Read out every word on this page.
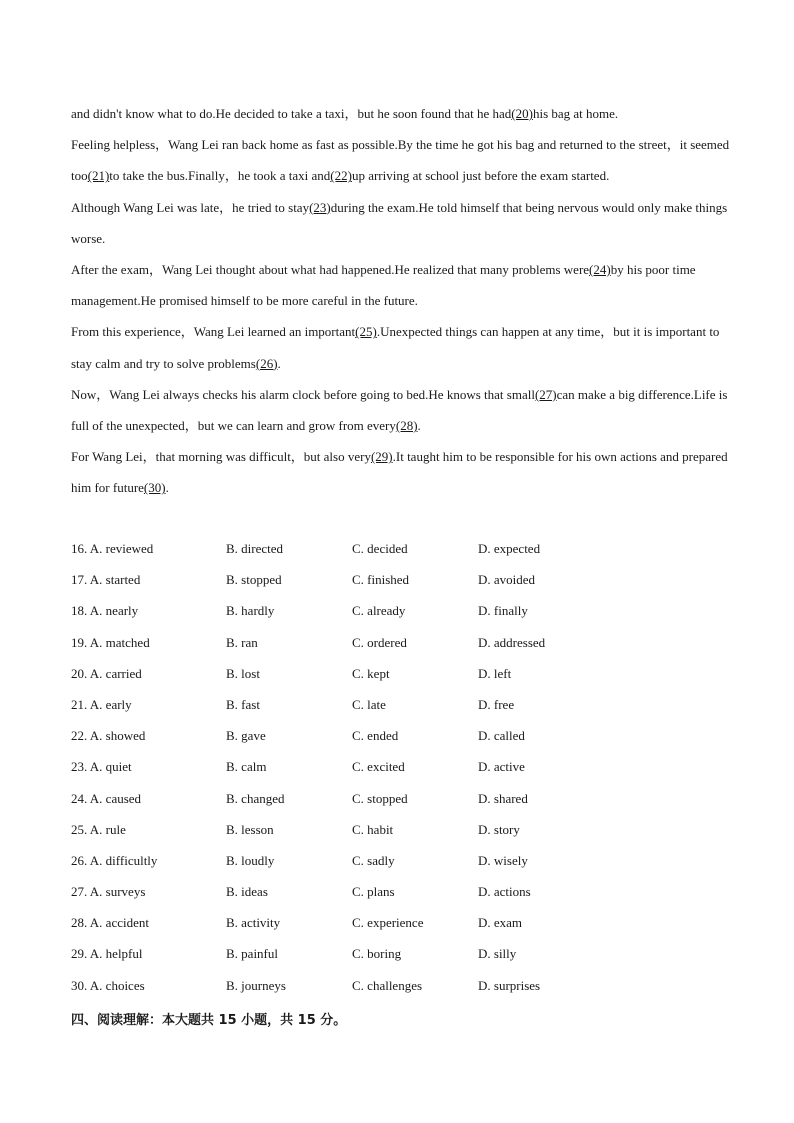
and didn't know what to do.He decided to take a taxi，but he soon found that he had(20)his bag at home.

Feeling helpless，Wang Lei ran back home as fast as possible.By the time he got his bag and returned to the street，it seemed too(21)to take the bus.Finally，he took a taxi and(22)up arriving at school just before the exam started.

Although Wang Lei was late，he tried to stay(23)during the exam.He told himself that being nervous would only make things worse.

After the exam，Wang Lei thought about what had happened.He realized that many problems were(24)by his poor time management.He promised himself to be more careful in the future.

From this experience，Wang Lei learned an important(25).Unexpected things can happen at any time，but it is important to stay calm and try to solve problems(26).

Now，Wang Lei always checks his alarm clock before going to bed.He knows that small(27)can make a big difference.Life is full of the unexpected，but we can learn and grow from every(28).

For Wang Lei，that morning was difficult，but also very(29).It taught him to be responsible for his own actions and prepared him for future(30).

16. A. reviewed	B. directed	C. decided	D. expected
17. A. started	B. stopped	C. finished	D. avoided
18. A. nearly	B. hardly	C. already	D. finally
19. A. matched	B. ran	C. ordered	D. addressed
20. A. carried	B. lost	C. kept	D. left
21. A. early	B. fast	C. late	D. free
22. A. showed	B. gave	C. ended	D. called
23. A. quiet	B. calm	C. excited	D. active
24. A. caused	B. changed	C. stopped	D. shared
25. A. rule	B. lesson	C. habit	D. story
26. A. difficultly	B. loudly	C. sadly	D. wisely
27. A. surveys	B. ideas	C. plans	D. actions
28. A. accident	B. activity	C. experience	D. exam
29. A. helpful	B. painful	C. boring	D. silly
30. A. choices	B. journeys	C. challenges	D. surprises
四、阅读理解：本大题共 15 小题，共 15 分。
